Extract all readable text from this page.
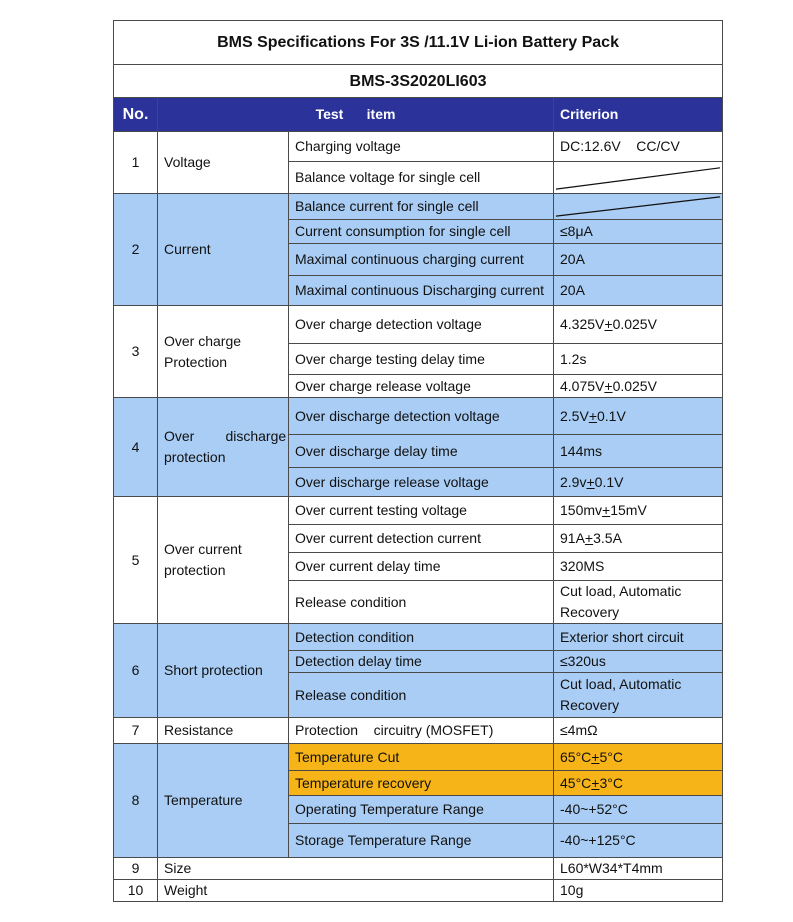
BMS Specifications For 3S /11.1V Li-ion Battery Pack			
BMS-3S2020LI603			
No.	Test      item		Criterion
1	Voltage	Charging voltage	DC:12.6V    CC/CV
		Balance voltage for single cell	

2	Current	Balance current for single cell	

		Current consumption for single cell	≤8μA
		Maximal continuous charging current	20A
		Maximal continuous Discharging current	20A
3	Over charge
Protection	Over charge detection voltage	4.325V+0.025V
		Over charge testing delay time	1.2s
		Over charge release voltage	4.075V+0.025V
4	Over        discharge
protection	Over discharge detection voltage	2.5V+0.1V
		Over discharge delay time	144ms
		Over discharge release voltage	2.9v+0.1V
5	Over current
protection	Over current testing voltage	150mv+15mV
		Over current detection current	91A+3.5A
		Over current delay time	320MS
		Release condition	Cut load, Automatic
Recovery
6	Short protection	Detection condition	Exterior short circuit
		Detection delay time	≤320us
		Release condition	Cut load, Automatic
Recovery
7	Resistance	Protection    circuitry (MOSFET)	≤4mΩ
8	Temperature	Temperature Cut	65°C+5°C
		Temperature recovery	45°C+3°C
		Operating Temperature Range	-40~+52°C
		Storage Temperature Range	-40~+125°C
9	Size		L60*W34*T4mm
10	Weight		10g
